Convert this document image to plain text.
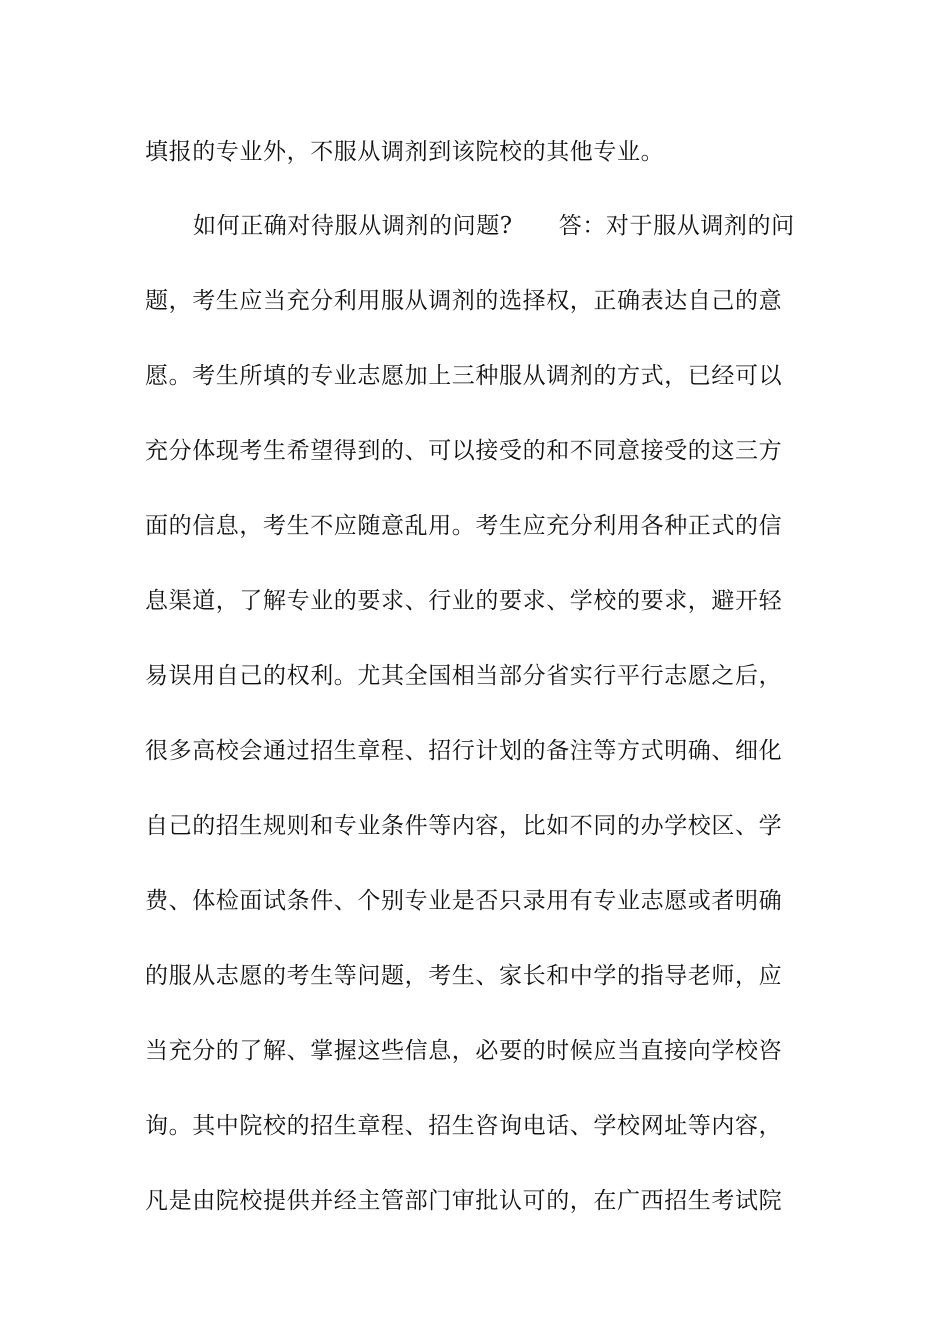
填报的专业外，不服从调剂到该院校的其他专业。
如何正确对待服从调剂的问题? 答：对于服从调剂的问
题，考生应当充分利用服从调剂的选择权，正确表达自己的意
愿。考生所填的专业志愿加上三种服从调剂的方式，已经可以
充分体现考生希望得到的、可以接受的和不同意接受的这三方
面的信息，考生不应随意乱用。考生应充分利用各种正式的信
息渠道，了解专业的要求、行业的要求、学校的要求，避开轻
易误用自己的权利。尤其全国相当部分省实行平行志愿之后，
很多高校会通过招生章程、招行计划的备注等方式明确、细化
自己的招生规则和专业条件等内容，比如不同的办学校区、学
费、体检面试条件、个别专业是否只录用有专业志愿或者明确
的服从志愿的考生等问题，考生、家长和中学的指导老师，应
当充分的了解、掌握这些信息，必要的时候应当直接向学校咨
询。其中院校的招生章程、招生咨询电话、学校网址等内容，
凡是由院校提供并经主管部门审批认可的，在广西招生考试院
